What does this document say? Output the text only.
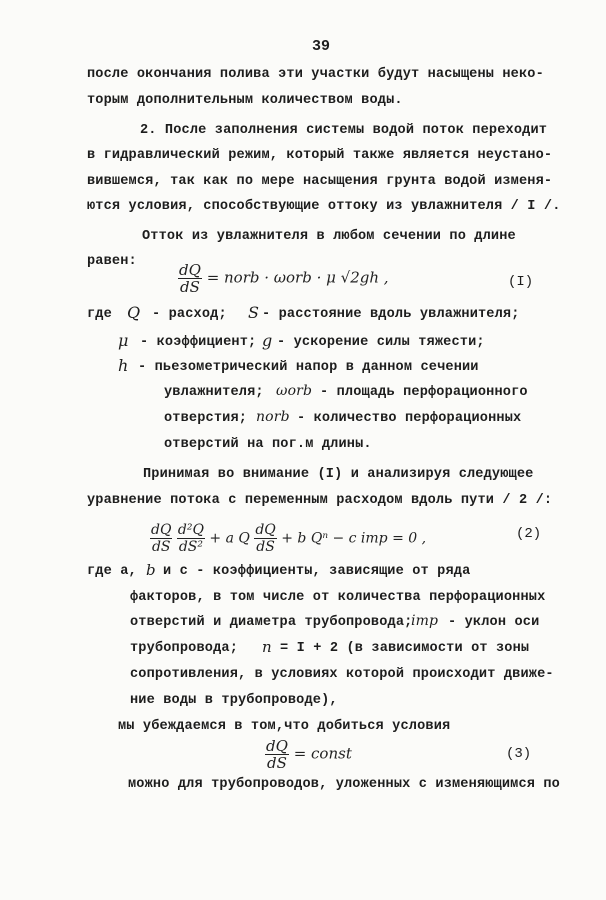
39
после окончания полива эти участки будут насыщены неко-
торым дополнительным количеством воды.
2. После заполнения системы водой поток переходит
в гидравлический режим, который также является неустано-
вившемся, так как по мере насыщения грунта водой изменя-
ются условия, способствующие оттоку из увлажнителя / I /.
Отток из увлажнителя в любом сечении по длине
равен:
$\frac{dQ}{dS}$ = norb · ωorb · μ √2gh ,	(I)
где Q - расход; S - расстояние вдоль увлажнителя;
μ - коэффициент; g - ускорение силы тяжести;
h - пьезометрический напор в данном сечении
увлажнителя; ωorb - площадь перфорационного
отверстия; norb - количество перфорационных
отверстий на пог.м длины.
Принимая во внимание (I) и анализируя следующее
уравнение потока с переменным расходом вдоль пути / 2 /:
$\frac{dQ}{dS}$
$\frac{\text{d²Q}}{\text{dS²}} + a$ Q $\frac{dQ}{dS} + b$ Qⁿ − c iтр = 0 ,	(2)
где а, b и с - коэффициенты, зависящие от ряда
факторов, в том числе от количества перфорационных
отверстий и диаметра трубопровода;
iтр - уклон оси
трубопровода; n = I + 2 (в зависимости от зоны
сопротивления, в условиях которой происходит движе-
ние воды в трубопроводе),
мы убеждаемся в том,что добиться условия
$\frac{dQ}{dS}$ = const	(3)
можно для трубопроводов, уложенных с изменяющимся по
